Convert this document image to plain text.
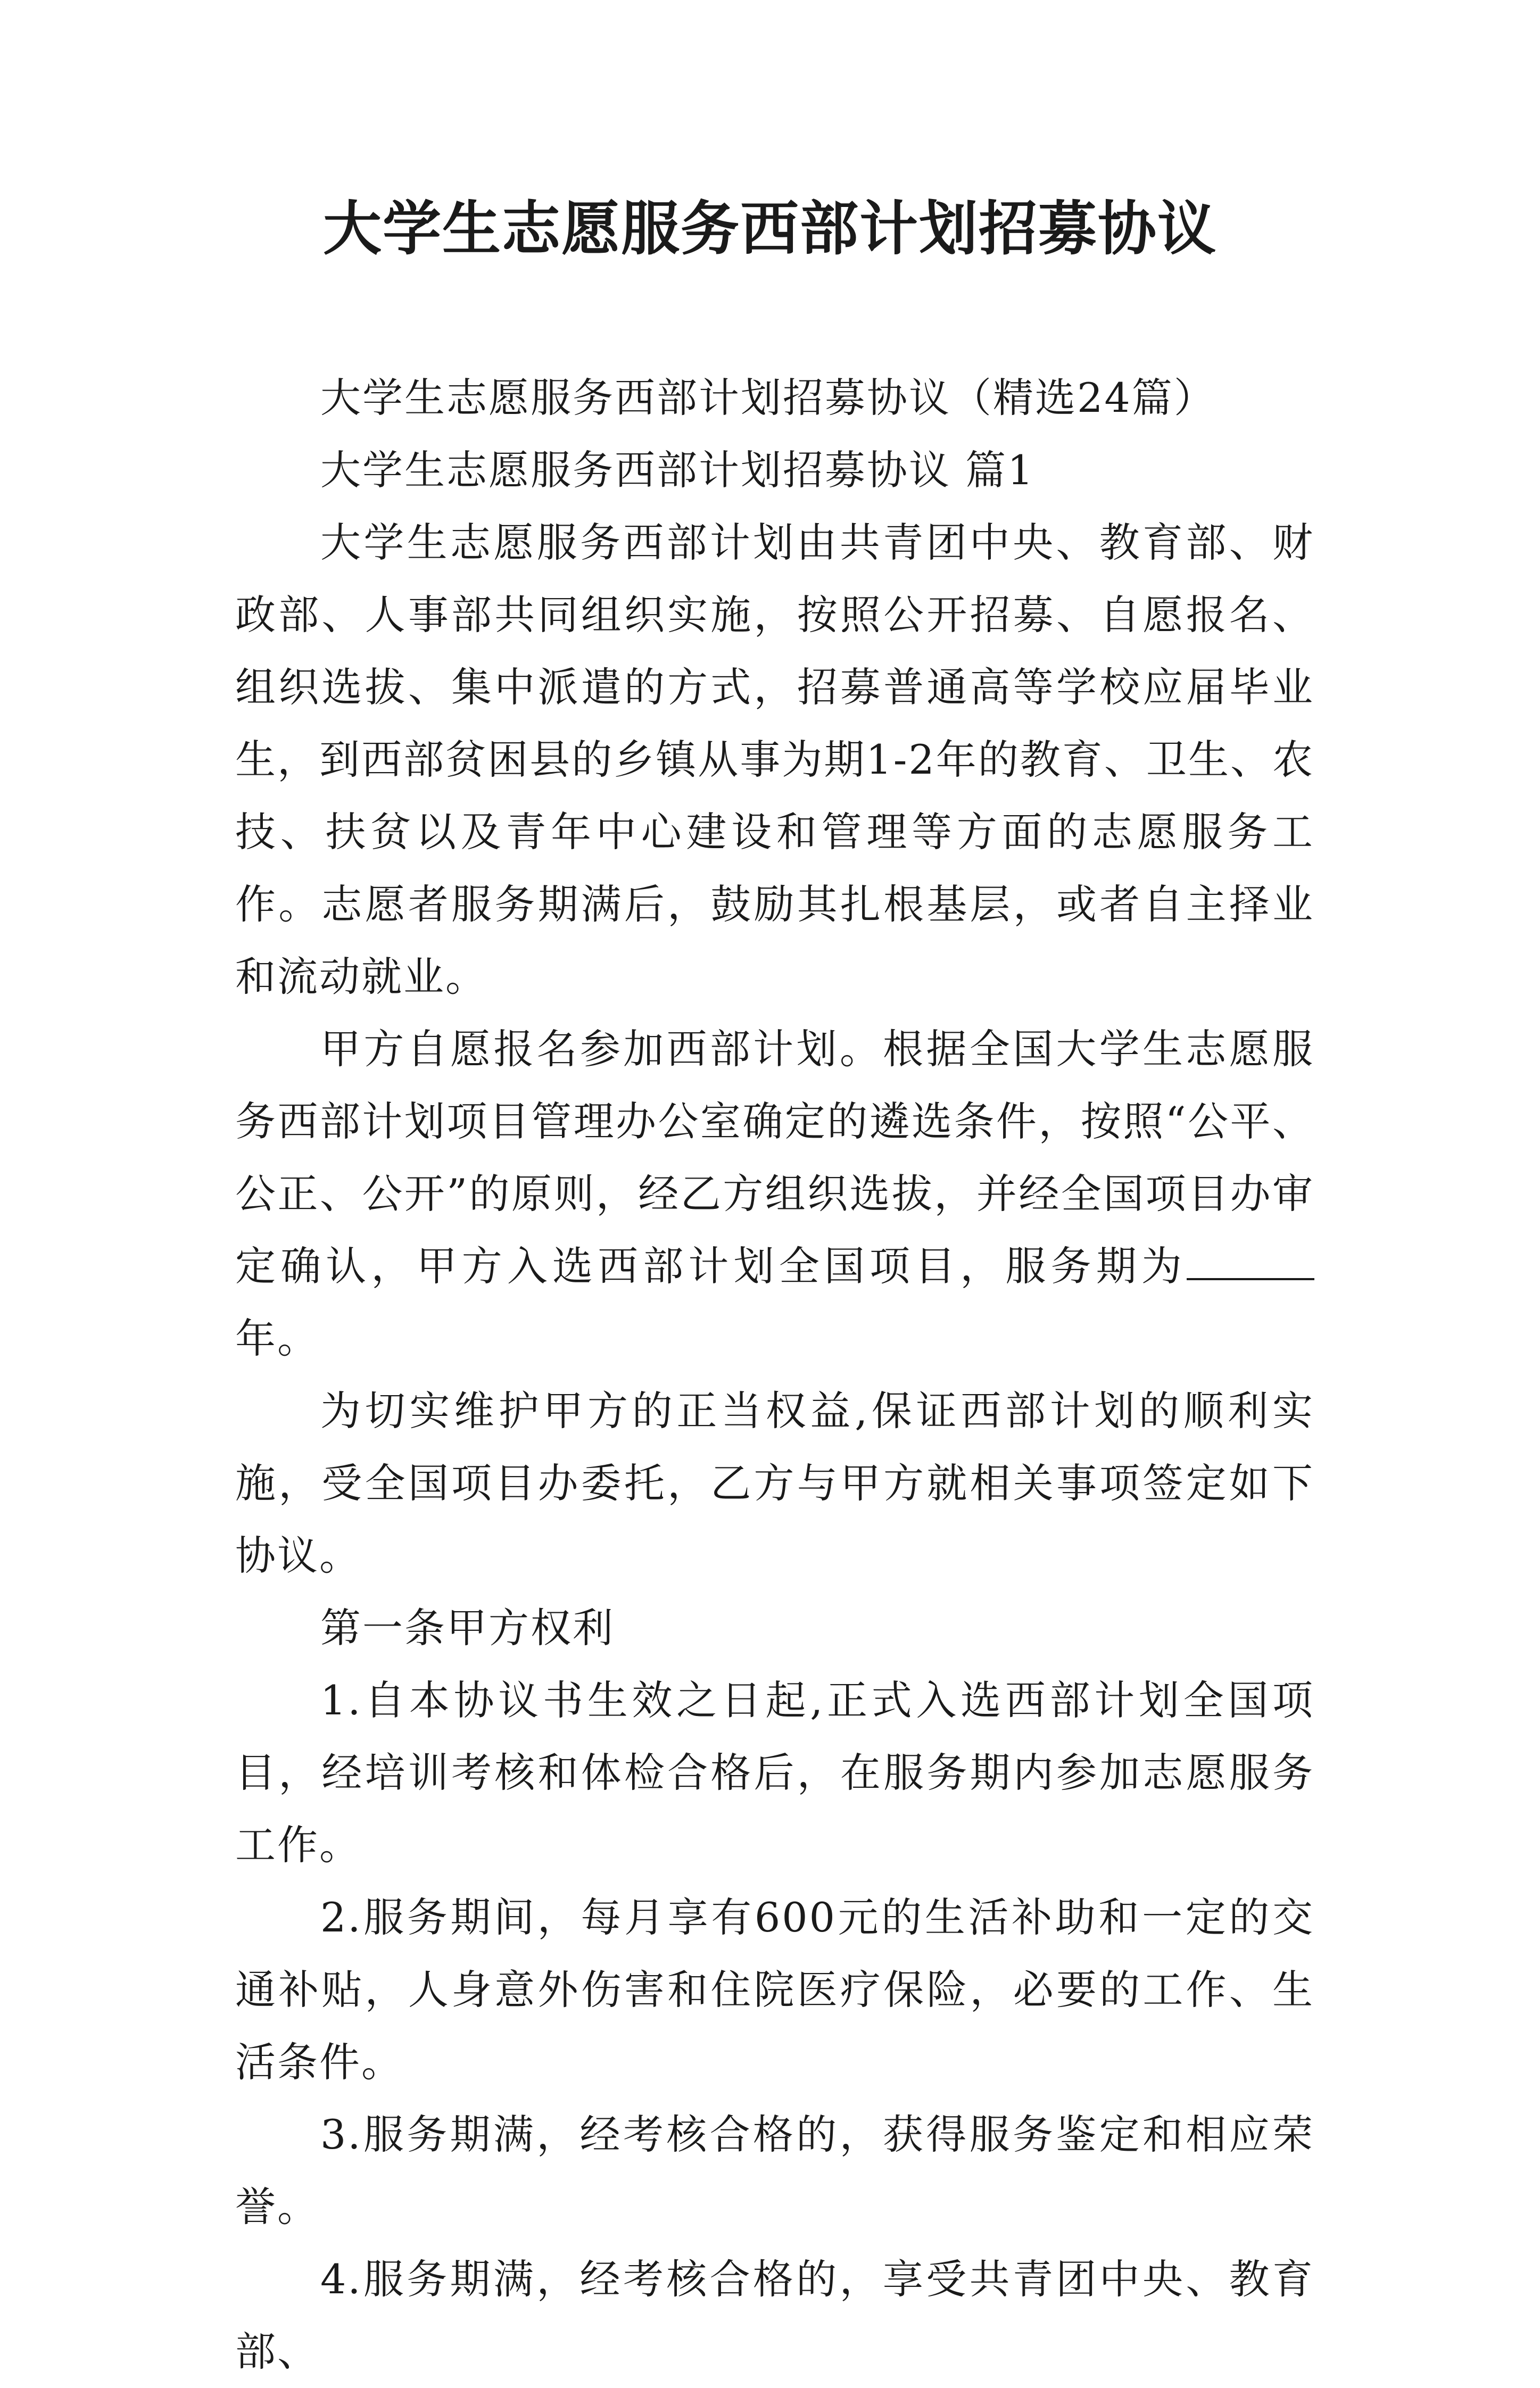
大学生志愿服务西部计划招募协议

大学生志愿服务西部计划招募协议（精选24篇）

大学生志愿服务西部计划招募协议 篇1

大学生志愿服务西部计划由共青团中央、教育部、财政部、人事部共同组织实施，按照公开招募、自愿报名、组织选拔、集中派遣的方式，招募普通高等学校应届毕业生，到西部贫困县的乡镇从事为期1-2年的教育、卫生、农技、扶贫以及青年中心建设和管理等方面的志愿服务工作。志愿者服务期满后，鼓励其扎根基层，或者自主择业和流动就业。

甲方自愿报名参加西部计划。根据全国大学生志愿服务西部计划项目管理办公室确定的遴选条件，按照“公平、公正、公开”的原则，经乙方组织选拔，并经全国项目办审定确认，甲方入选西部计划全国项目，服务期为年。

为切实维护甲方的正当权益,保证西部计划的顺利实施，受全国项目办委托，乙方与甲方就相关事项签定如下协议。

第一条甲方权利

1.自本协议书生效之日起,正式入选西部计划全国项目，经培训考核和体检合格后，在服务期内参加志愿服务工作。

2.服务期间，每月享有600元的生活补助和一定的交通补贴，人身意外伤害和住院医疗保险，必要的工作、生活条件。

3.服务期满，经考核合格的，获得服务鉴定和相应荣誉。

4.服务期满，经考核合格的，享受共青团中央、教育部、
